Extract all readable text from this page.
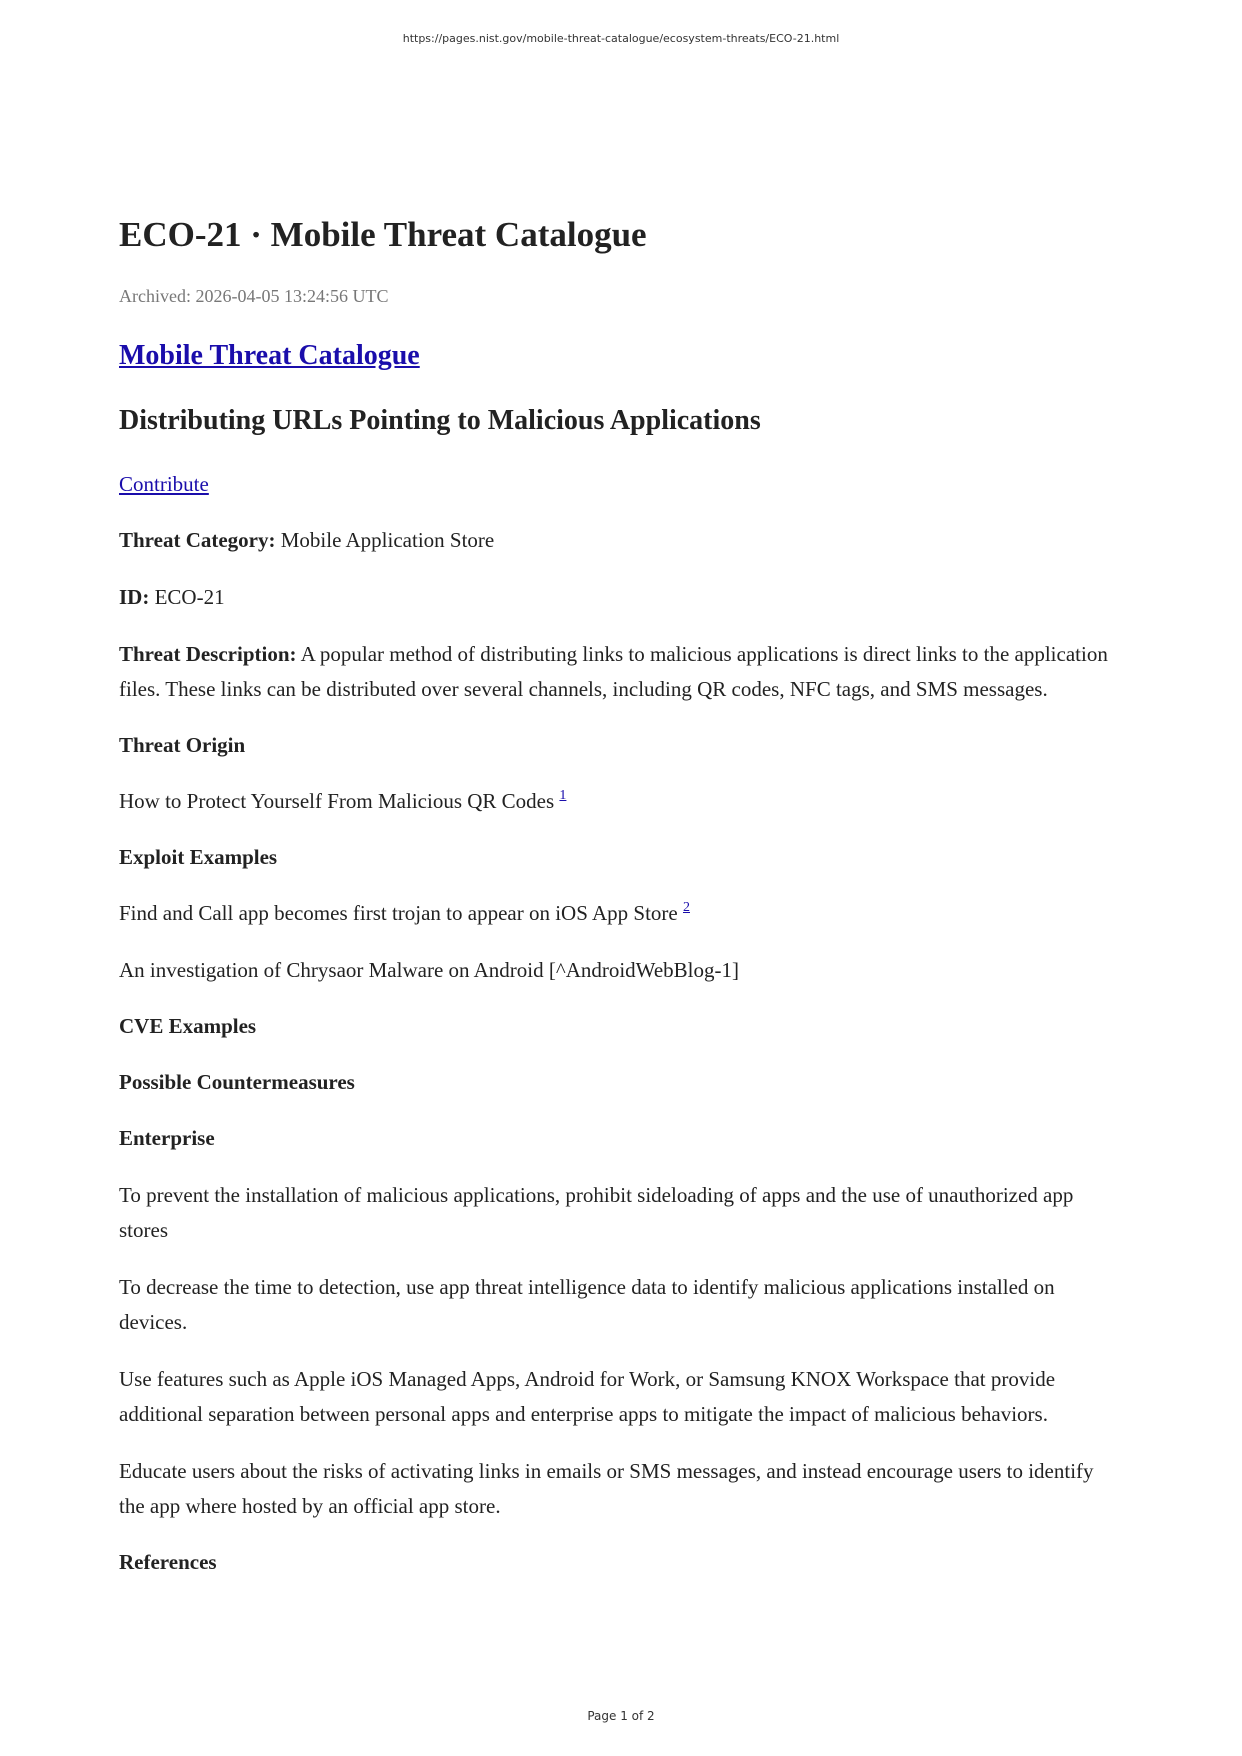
https://pages.nist.gov/mobile-threat-catalogue/ecosystem-threats/ECO-21.html
ECO-21 · Mobile Threat Catalogue
Archived: 2026-04-05 13:24:56 UTC
Mobile Threat Catalogue
Distributing URLs Pointing to Malicious Applications
Contribute

Threat Category: Mobile Application Store

ID: ECO-21

Threat Description: A popular method of distributing links to malicious applications is direct links to the application files. These links can be distributed over several channels, including QR codes, NFC tags, and SMS messages.

Threat Origin

How to Protect Yourself From Malicious QR Codes $^1$

Exploit Examples

Find and Call app becomes first trojan to appear on iOS App Store $^2$

An investigation of Chrysaor Malware on Android [^AndroidWebBlog-1]

CVE Examples
Possible Countermeasures
Enterprise

To prevent the installation of malicious applications, prohibit sideloading of apps and the use of unauthorized app stores

To decrease the time to detection, use app threat intelligence data to identify malicious applications installed on devices.

Use features such as Apple iOS Managed Apps, Android for Work, or Samsung KNOX Workspace that provide additional separation between personal apps and enterprise apps to mitigate the impact of malicious behaviors.

Educate users about the risks of activating links in emails or SMS messages, and instead encourage users to identify the app where hosted by an official app store.

References
Page 1 of 2
